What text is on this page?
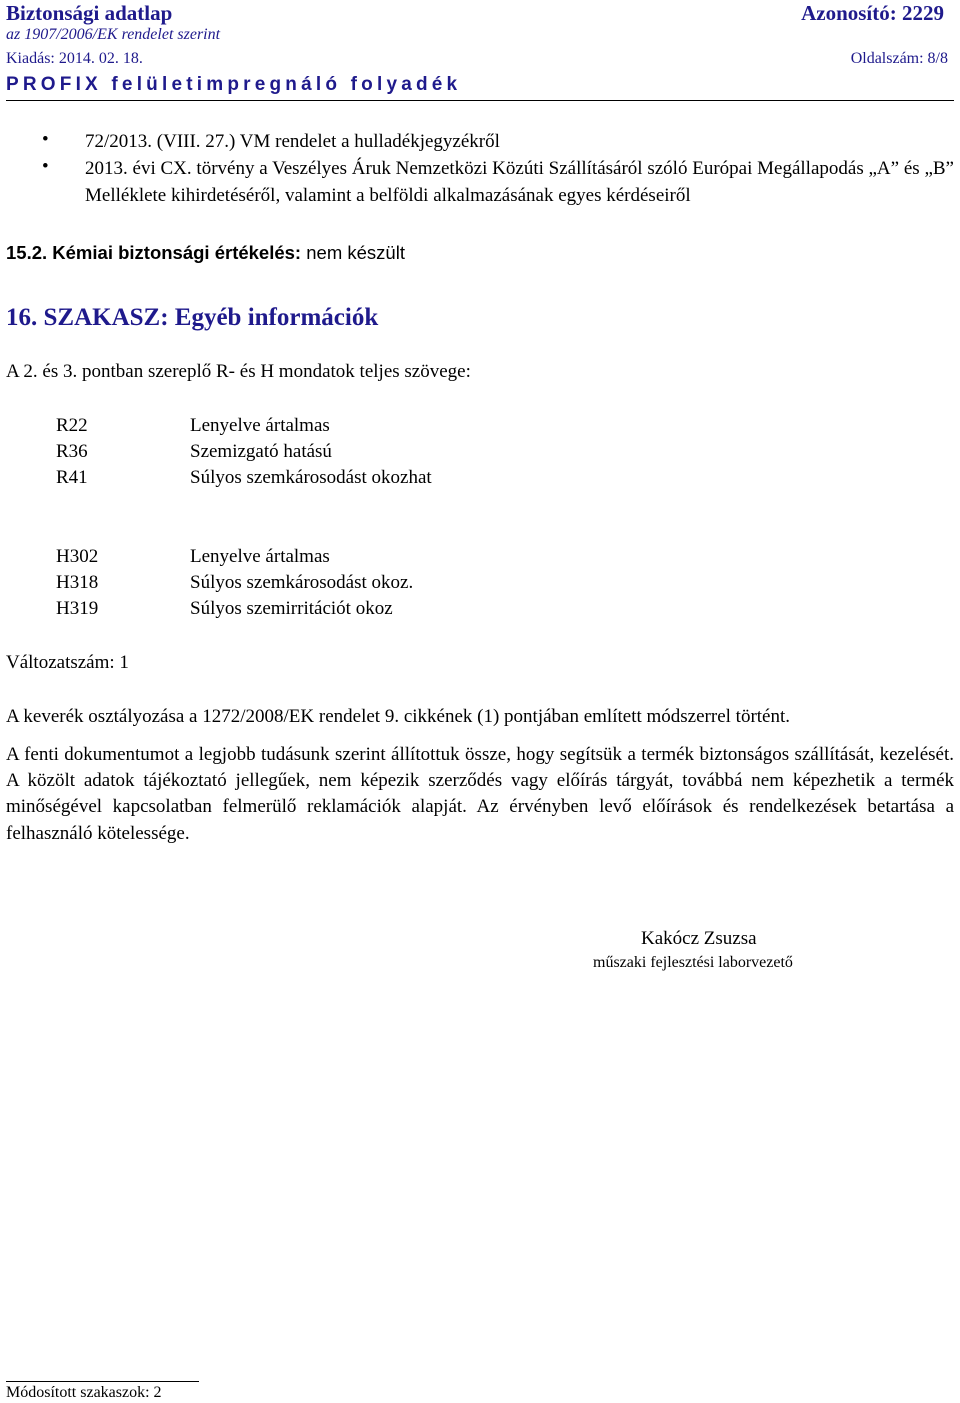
Biztonsági adatlap	Azonosító: 2229
az 1907/2006/EK rendelet szerint
Kiadás: 2014. 02. 18.	Oldalszám: 8/8
PROFIX felületimpregnáló folyadék
• 72/2013. (VIII. 27.) VM rendelet a hulladékjegyzékről
• 2013. évi CX. törvény a Veszélyes Áruk Nemzetközi Közúti Szállításáról szóló Európai Megállapodás „A” és „B” Melléklete kihirdetéséről, valamint a belföldi alkalmazásának egyes kérdéseiről
15.2. Kémiai biztonsági értékelés: nem készült
16. SZAKASZ: Egyéb információk
A 2. és 3. pontban szereplő R- és H mondatok teljes szövege:
R22	Lenyelve ártalmas
R36	Szemizgató hatású
R41	Súlyos szemkárosodást okozhat
H302	Lenyelve ártalmas
H318	Súlyos szemkárosodást okoz.
H319	Súlyos szemirritációt okoz
Változatszám: 1
A keverék osztályozása a 1272/2008/EK rendelet 9. cikkének (1) pontjában említett módszerrel történt.
A fenti dokumentumot a legjobb tudásunk szerint állítottuk össze, hogy segítsük a termék biztonságos szállítását, kezelését. A közölt adatok tájékoztató jellegűek, nem képezik szerződés vagy előírás tárgyát, továbbá nem képezhetik a termék minőségével kapcsolatban felmerülő reklamációk alapját. Az érvényben levő előírások és rendelkezések betartása a felhasználó kötelessége.
Kakócz Zsuzsa
műszaki fejlesztési laborvezető
Módosított szakaszok: 2
